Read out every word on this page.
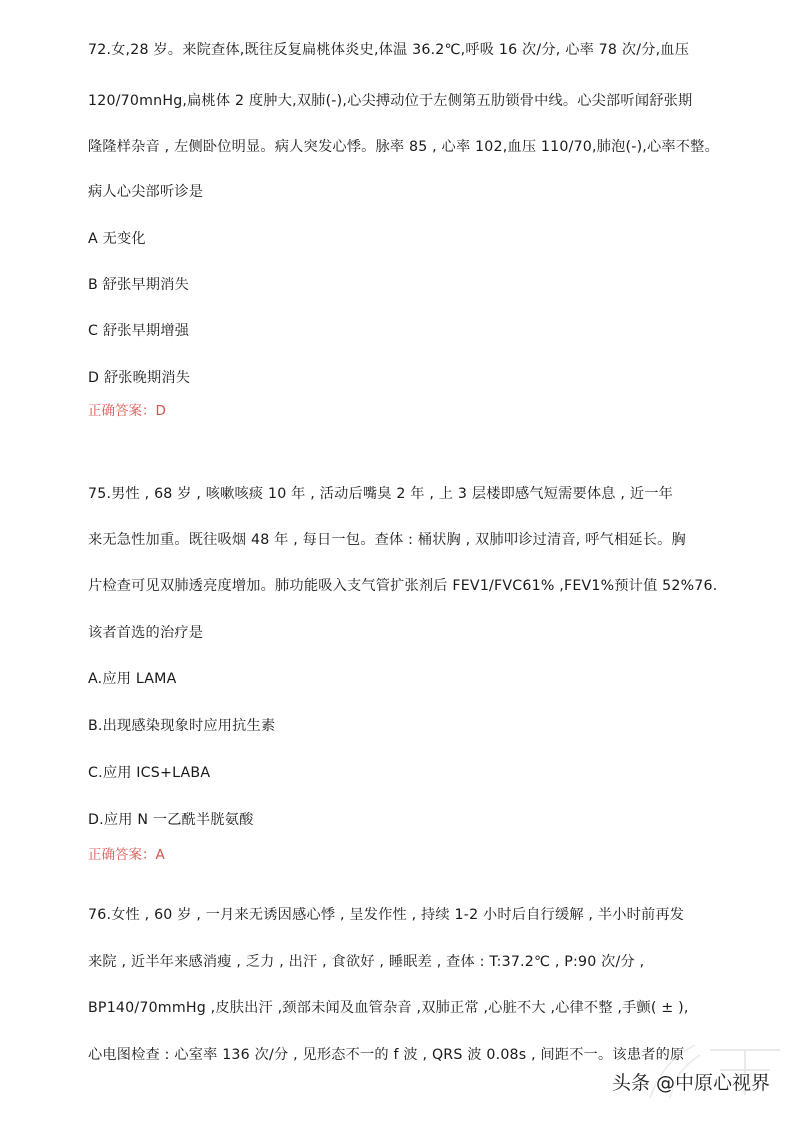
72.女,28 岁。来院查体,既往反复扁桃体炎史,体温 36.2℃,呼吸 16 次/分, 心率 78 次/分,血压
120/70mnHg,扁桃体 2 度肿大,双肺(-),心尖搏动位于左侧第五肋锁骨中线。心尖部听闻舒张期
隆隆样杂音 , 左侧卧位明显。病人突发心悸。脉率 85 , 心率 102,血压 110/70,肺泡(-),心率不整。
病人心尖部听诊是
A 无变化
B 舒张早期消失
C 舒张早期增强
D 舒张晚期消失
正确答案：D
75.男性 , 68 岁 , 咳嗽咳痰 10 年 , 活动后嘴臭 2 年 , 上 3 层楼即感气短需要体息 , 近一年
来无急性加重。既往吸烟 48 年 , 每日一包。查体 : 桶状胸 , 双肺叩诊过清音, 呼气相延长。胸
片检查可见双肺透亮度增加。肺功能吸入支气管扩张剂后 FEV1/FVC61% ,FEV1%预计值 52%76.
该者首选的治疗是
A.应用 LAMA
B.出现感染现象时应用抗生素
C.应用 ICS+LABA
D.应用 N 一乙酰半胱氨酸
正确答案：A
76.女性 , 60 岁 , 一月来无诱因感心悸 , 呈发作性 , 持续 1-2 小时后自行缓解 , 半小时前再发
来院 , 近半年来感消瘦 , 乏力 , 出汗 , 食欲好 , 睡眠差 , 查体 : T:37.2℃ , P:90 次/分 ,
BP140/70mmHg ,皮肤出汗 ,颈部未闻及血管杂音 ,双肺正常 ,心脏不大 ,心律不整 ,手颤( ± ),
心电图检查 : 心室率 136 次/分 , 见形态不一的 f 波 , QRS 波 0.08s , 间距不一。该患者的原
头条 @中原心视界
